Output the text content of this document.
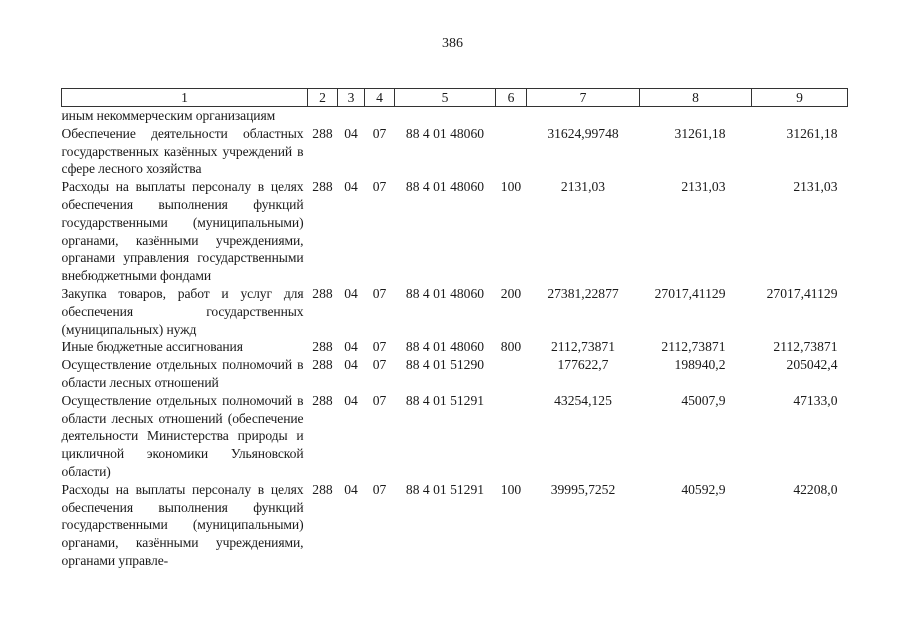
386
1	2	3	4	5	6	7	8	9
иным некоммерческим организациям								
Обеспечение деятельности областных государственных казённых учреждений в сфере лесного хозяйства	288	04	07	88 4 01 48060		31624,99748	31261,18	31261,18
Расходы на выплаты персоналу в целях обеспечения выполнения функций государственными (муниципальными) органами, казёнными учреждениями, органами управления государственными внебюджетными фондами	288	04	07	88 4 01 48060	100	2131,03	2131,03	2131,03
Закупка товаров, работ и услуг для обеспечения государственных (муниципальных) нужд	288	04	07	88 4 01 48060	200	27381,22877	27017,41129	27017,41129
Иные бюджетные ассигнования	288	04	07	88 4 01 48060	800	2112,73871	2112,73871	2112,73871
Осуществление отдельных полномочий в области лесных отношений	288	04	07	88 4 01 51290		177622,7	198940,2	205042,4
Осуществление отдельных полномочий в области лесных отношений (обеспечение деятельности Министерства природы и цикличной экономики Ульяновской области)	288	04	07	88 4 01 51291		43254,125	45007,9	47133,0
Расходы на выплаты персоналу в целях обеспечения выполнения функций государственными (муниципальными) органами, казёнными учреждениями, органами управле-	288	04	07	88 4 01 51291	100	39995,7252	40592,9	42208,0
